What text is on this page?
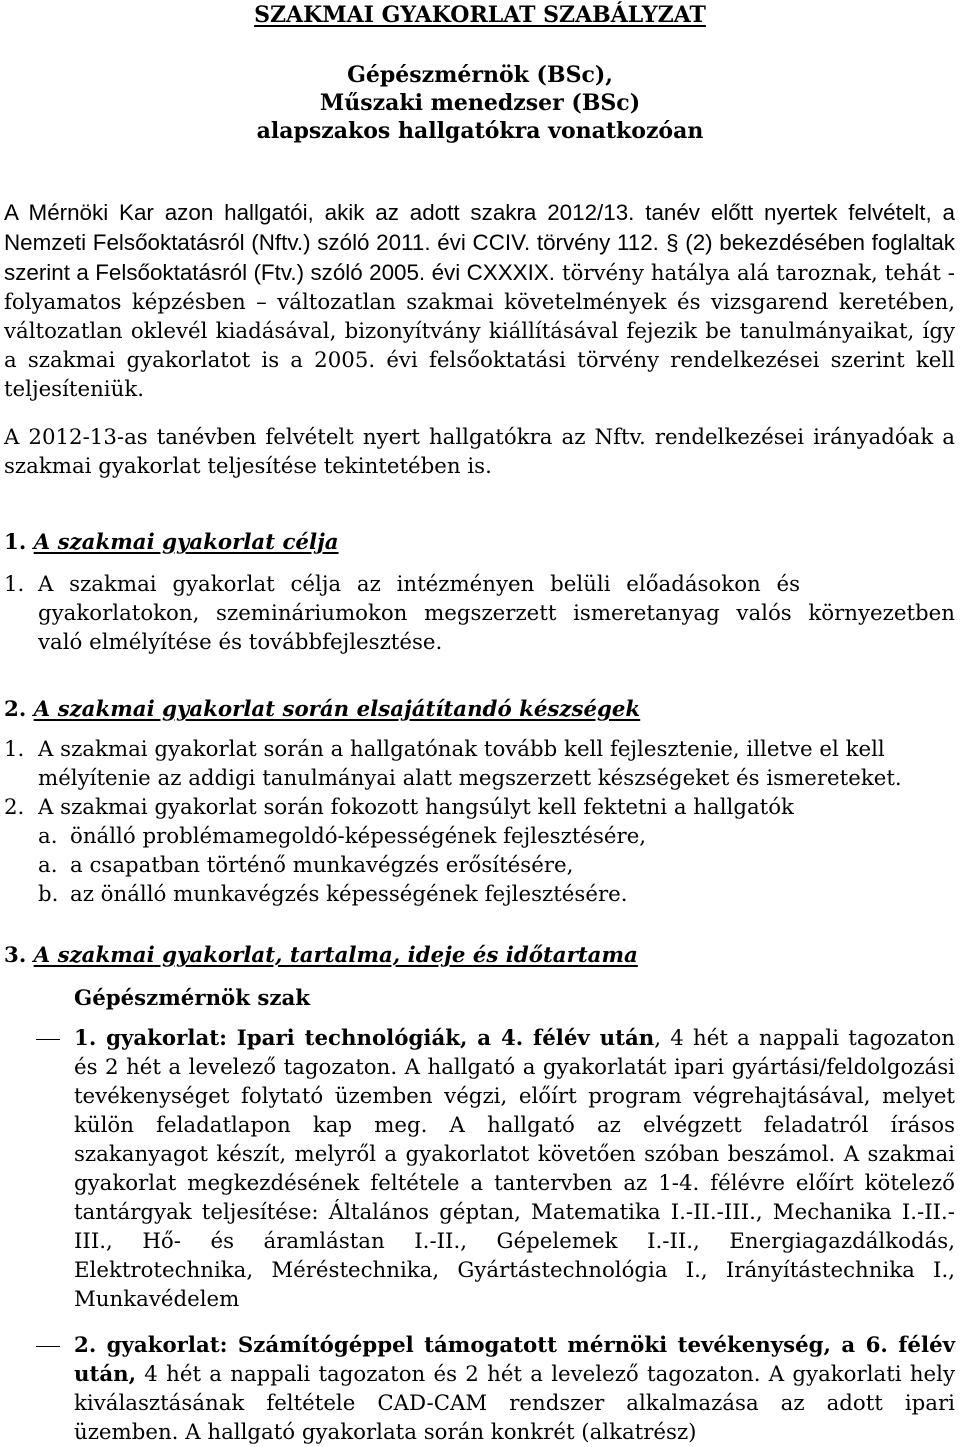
SZAKMAI GYAKORLAT SZABÁLYZAT
Gépészmérnök (BSc),
Műszaki menedzser (BSc)
alapszakos hallgatókra vonatkozóan
A Mérnöki Kar azon hallgatói, akik az adott szakra 2012/13. tanév előtt nyertek felvételt, a Nemzeti Felsőoktatásról (Nftv.) szóló 2011. évi CCIV. törvény 112. § (2) bekezdésében foglaltak szerint a Felsőoktatásról (Ftv.) szóló 2005. évi CXXXIX. törvény hatálya alá taroznak, tehát - folyamatos képzésben – változatlan szakmai követelmények és vizsgarend keretében, változatlan oklevél kiadásával, bizonyítvány kiállításával fejezik be tanulmányaikat, így a szakmai gyakorlatot is a 2005. évi felsőoktatási törvény rendelkezései szerint kell teljesíteniük.
A 2012-13-as tanévben felvételt nyert hallgatókra az Nftv. rendelkezései irányadóak a szakmai gyakorlat teljesítése tekintetében is.
1. A szakmai gyakorlat célja
1. A szakmai gyakorlat célja az intézményen belüli előadásokon és
gyakorlatokon, szemináriumokon megszerzett ismeretanyag valós környezetben való elmélyítése és továbbfejlesztése.
2. A szakmai gyakorlat során elsajátítandó készségek
1. A szakmai gyakorlat során a hallgatónak tovább kell fejlesztenie, illetve el kell
mélyítenie az addigi tanulmányai alatt megszerzett készségeket és ismereteket.
2. A szakmai gyakorlat során fokozott hangsúlyt kell fektetni a hallgatók
a. önálló problémamegoldó-képességének fejlesztésére,
a. a csapatban történő munkavégzés erősítésére,
b. az önálló munkavégzés képességének fejlesztésére.
3. A szakmai gyakorlat, tartalma, ideje és időtartama
Gépészmérnök szak
1. gyakorlat: Ipari technológiák, a 4. félév után, 4 hét a nappali tagozaton és 2 hét a levelező tagozaton. A hallgató a gyakorlatát ipari gyártási/feldolgozási tevékenységet folytató üzemben végzi, előírt program végrehajtásával, melyet külön feladatlapon kap meg. A hallgató az elvégzett feladatról írásos szakanyagot készít, melyről a gyakorlatot követően szóban beszámol. A szakmai gyakorlat megkezdésének feltétele a tantervben az 1-4. félévre előírt kötelező tantárgyak teljesítése: Általános géptan, Matematika I.-II.-III., Mechanika I.-II.-III., Hő- és áramlástan I.-II., Gépelemek I.-II., Energiagazdálkodás, Elektrotechnika, Méréstechnika, Gyártástechnológia I., Irányítástechnika I., Munkavédelem
2. gyakorlat: Számítógéppel támogatott mérnöki tevékenység, a 6. félév után, 4 hét a nappali tagozaton és 2 hét a levelező tagozaton. A gyakorlati hely kiválasztásának feltétele CAD-CAM rendszer alkalmazása az adott ipari üzemben. A hallgató gyakorlata során konkrét (alkatrész)
